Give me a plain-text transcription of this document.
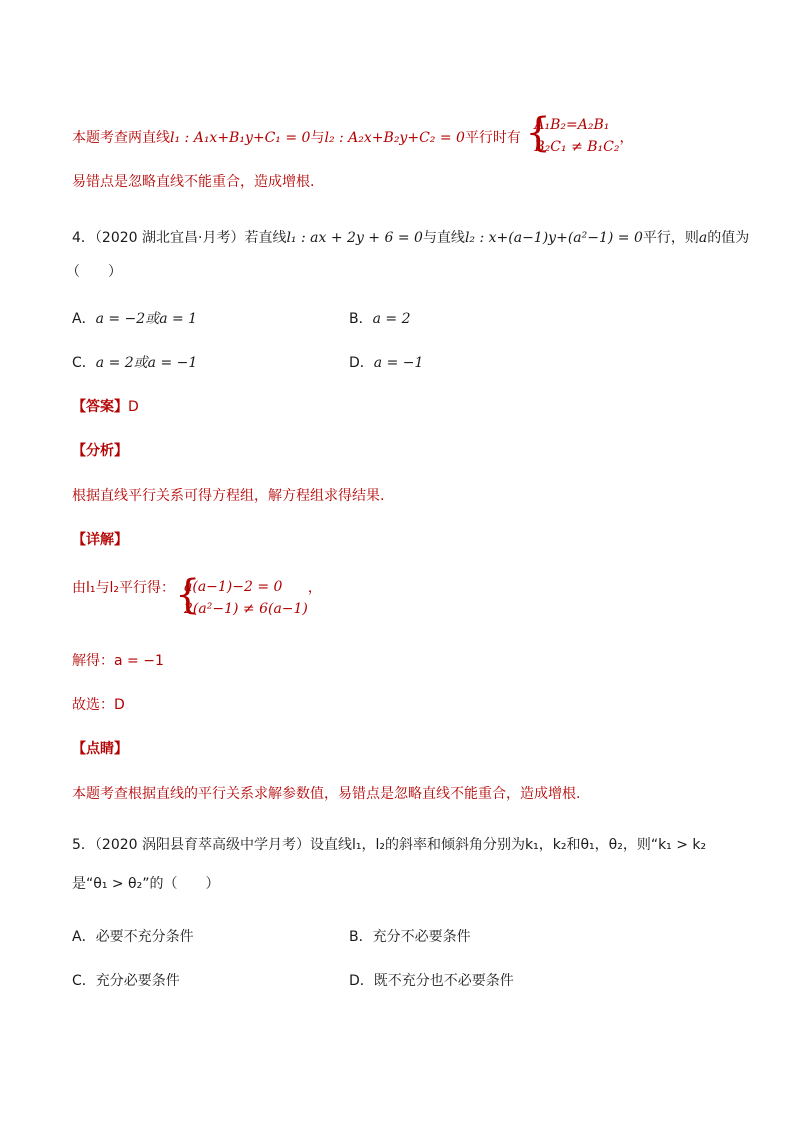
本题考查两直线l₁ : A₁x+B₁y+C₁ = 0与l₂ : A₂x+B₂y+C₂ = 0平行时有 {
A₁B₂=A₂B₁
B₂C₁ ≠ B₁C₂
，
易错点是忽略直线不能重合，造成增根.
4．（2020 湖北宜昌·月考）若直线l₁ : ax + 2y + 6 = 0与直线l₂ : x+(a−1)y+(a²−1) = 0平行，则a的值为
（　　）
A．a = −2或a = 1	B．a = 2
C．a = 2或a = −1	D．a = −1
【答案】D
【分析】
根据直线平行关系可得方程组，解方程组求得结果.
【详解】
由l₁与l₂平行得： {
a(a−1)−2 = 0
2(a²−1) ≠ 6(a−1)
，
解得：a = −1
故选：D
【点睛】
本题考查根据直线的平行关系求解参数值，易错点是忽略直线不能重合，造成增根.
5．（2020 涡阳县育萃高级中学月考）设直线l₁，l₂的斜率和倾斜角分别为k₁，k₂和θ₁，θ₂，则“k₁ > k₂
是“θ₁ > θ₂”的（　　）
A．必要不充分条件	B．充分不必要条件
C．充分必要条件	D．既不充分也不必要条件
